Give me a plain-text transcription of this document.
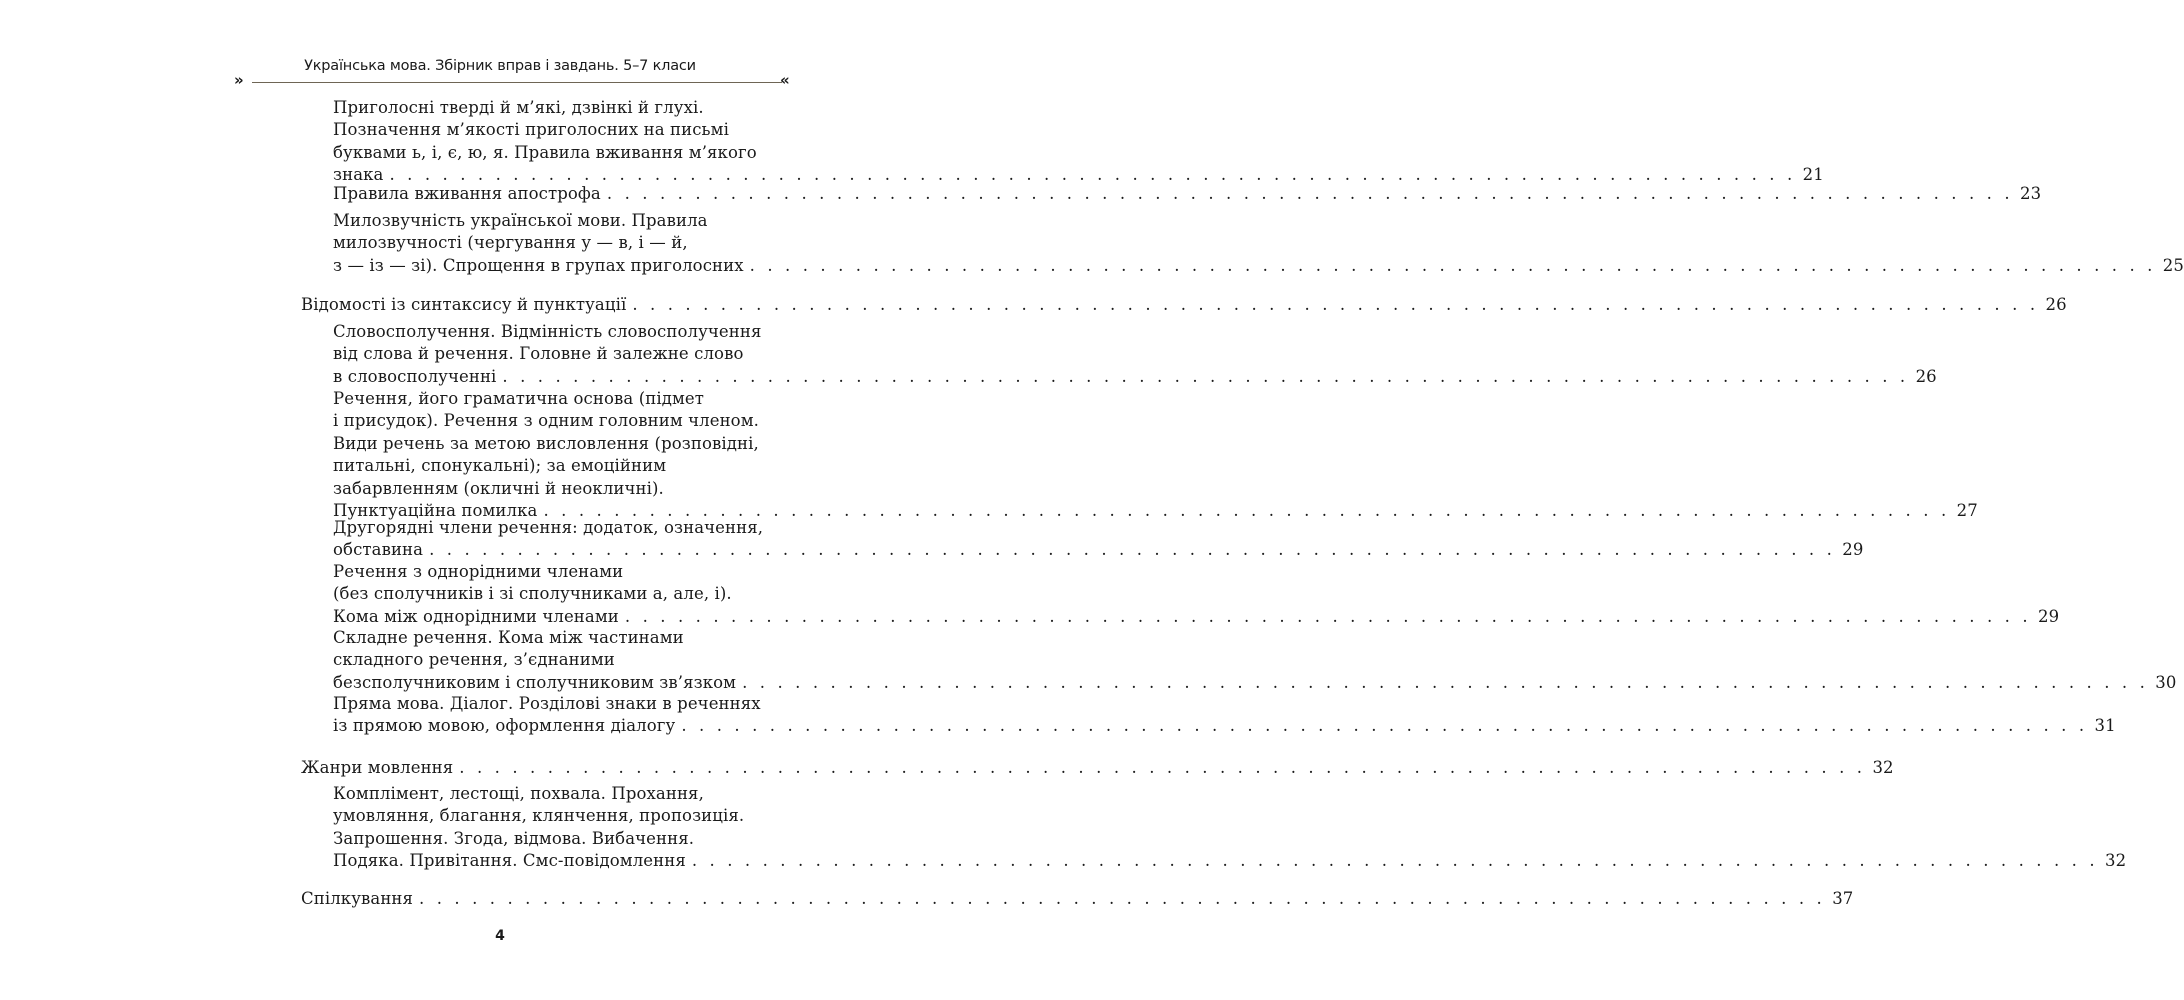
Українська мова. Збірник вправ і завдань. 5–7 класи
»	«
Приголосні тверді й м’які, дзвінкі й глухі.
Позначення м’якості приголосних на письмі
буквами ь, і, є, ю, я. Правила вживання м’якого
знака . . . . . . . . . . . . . . . . . . . . . . . . . . . . . . . . . . . . . . . . . . . . . . . . . . . . . . . . . . . . . . . . . . . . . . . . . . . . . . . . 21
Правила вживання апострофа . . . . . . . . . . . . . . . . . . . . . . . . . . . . . . . . . . . . . . . . . . . . . . . . . . . . . . . . . . . . . . . . . . . . . . . . . . . . . . . . 23
Милозвучність української мови. Правила
милозвучності (чергування у — в, і — й,
з — із — зі). Спрощення в групах приголосних . . . . . . . . . . . . . . . . . . . . . . . . . . . . . . . . . . . . . . . . . . . . . . . . . . . . . . . . . . . . . . . . . . . . . . . . . . . . . . . . 25
Відомості із синтаксису й пунктуації . . . . . . . . . . . . . . . . . . . . . . . . . . . . . . . . . . . . . . . . . . . . . . . . . . . . . . . . . . . . . . . . . . . . . . . . . . . . . . . . 26
Словосполучення. Відмінність словосполучення
від слова й речення. Головне й залежне слово
в словосполученні . . . . . . . . . . . . . . . . . . . . . . . . . . . . . . . . . . . . . . . . . . . . . . . . . . . . . . . . . . . . . . . . . . . . . . . . . . . . . . . . 26
Речення, його граматична основа (підмет
і присудок). Речення з одним головним членом.
Види речень за метою висловлення (розповідні,
питальні, спонукальні); за емоційним
забарвленням (окличні й неокличні).
Пунктуаційна помилка . . . . . . . . . . . . . . . . . . . . . . . . . . . . . . . . . . . . . . . . . . . . . . . . . . . . . . . . . . . . . . . . . . . . . . . . . . . . . . . . 27
Другорядні члени речення: додаток, означення,
обставина . . . . . . . . . . . . . . . . . . . . . . . . . . . . . . . . . . . . . . . . . . . . . . . . . . . . . . . . . . . . . . . . . . . . . . . . . . . . . . . . 29
Речення з однорідними членами
(без сполучників і зі сполучниками а, але, і).
Кома між однорідними членами . . . . . . . . . . . . . . . . . . . . . . . . . . . . . . . . . . . . . . . . . . . . . . . . . . . . . . . . . . . . . . . . . . . . . . . . . . . . . . . . 29
Складне речення. Кома між частинами
складного речення, з’єднаними
безсполучниковим і сполучниковим зв’язком . . . . . . . . . . . . . . . . . . . . . . . . . . . . . . . . . . . . . . . . . . . . . . . . . . . . . . . . . . . . . . . . . . . . . . . . . . . . . . . . 30
Пряма мова. Діалог. Розділові знаки в реченнях
із прямою мовою, оформлення діалогу . . . . . . . . . . . . . . . . . . . . . . . . . . . . . . . . . . . . . . . . . . . . . . . . . . . . . . . . . . . . . . . . . . . . . . . . . . . . . . . . 31
Жанри мовлення . . . . . . . . . . . . . . . . . . . . . . . . . . . . . . . . . . . . . . . . . . . . . . . . . . . . . . . . . . . . . . . . . . . . . . . . . . . . . . . . 32
Комплімент, лестощі, похвала. Прохання,
умовляння, благання, клянчення, пропозиція.
Запрошення. Згода, відмова. Вибачення.
Подяка. Привітання. Смс-повідомлення . . . . . . . . . . . . . . . . . . . . . . . . . . . . . . . . . . . . . . . . . . . . . . . . . . . . . . . . . . . . . . . . . . . . . . . . . . . . . . . . 32
Спілкування . . . . . . . . . . . . . . . . . . . . . . . . . . . . . . . . . . . . . . . . . . . . . . . . . . . . . . . . . . . . . . . . . . . . . . . . . . . . . . . . 37
4
